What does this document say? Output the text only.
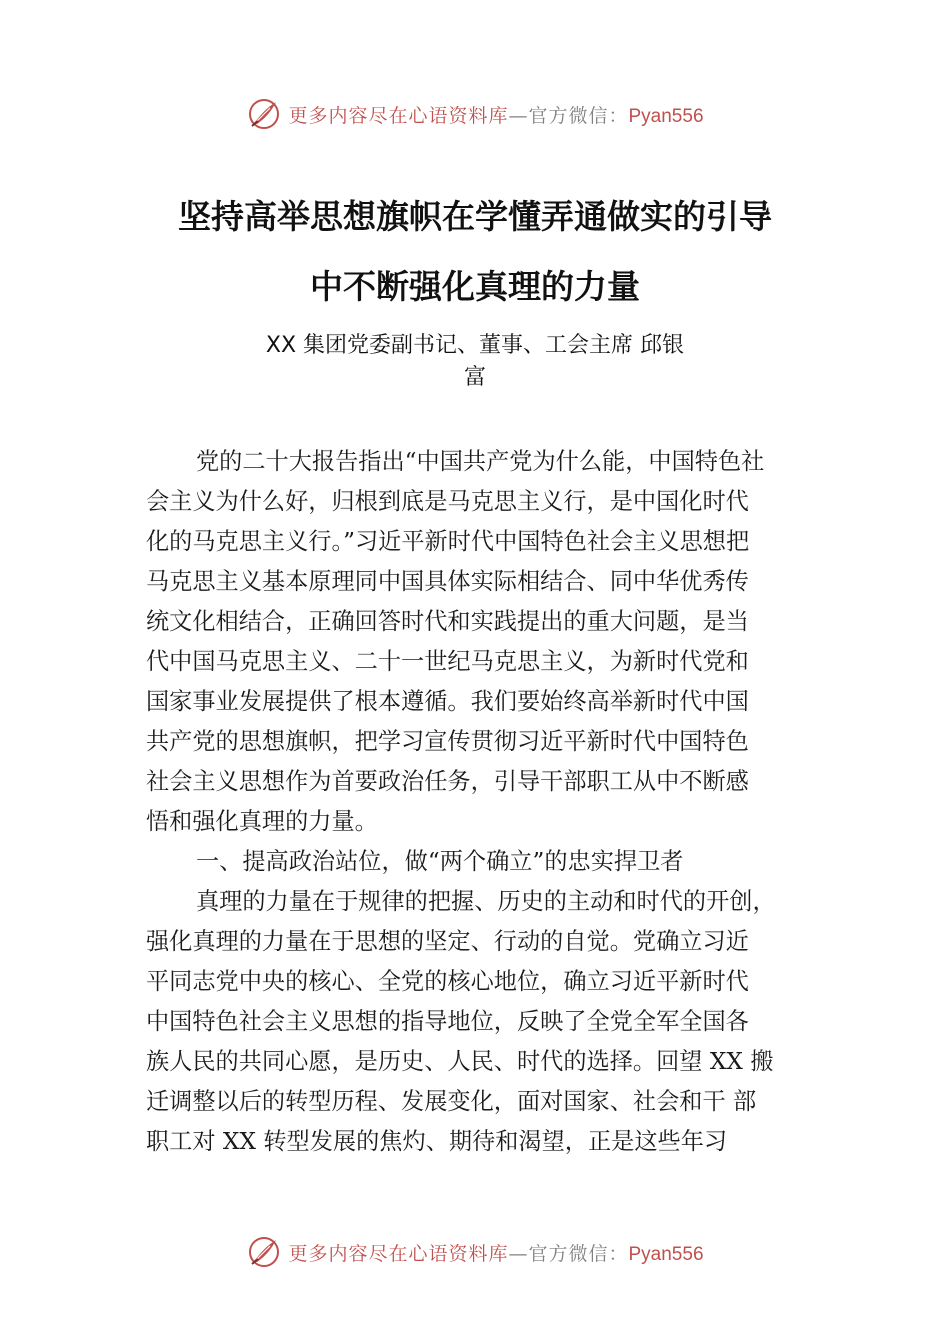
更多内容尽在心语资料库—官方微信：Pyan556
坚持高举思想旗帜在学懂弄通做实的引导
中不断强化真理的力量
XX 集团党委副书记、董事、工会主席 邱银
富
党的二十大报告指出“中国共产党为什么能，中国特色社
会主义为什么好，归根到底是马克思主义行，是中国化时代
化的马克思主义行。”习近平新时代中国特色社会主义思想把
马克思主义基本原理同中国具体实际相结合、同中华优秀传
统文化相结合，正确回答时代和实践提出的重大问题，是当
代中国马克思主义、二十一世纪马克思主义，为新时代党和
国家事业发展提供了根本遵循。我们要始终高举新时代中国
共产党的思想旗帜，把学习宣传贯彻习近平新时代中国特色
社会主义思想作为首要政治任务，引导干部职工从中不断感
悟和强化真理的力量。
一、提高政治站位，做“两个确立”的忠实捍卫者
真理的力量在于规律的把握、历史的主动和时代的开创，
强化真理的力量在于思想的坚定、行动的自觉。党确立习近
平同志党中央的核心、全党的核心地位，确立习近平新时代
中国特色社会主义思想的指导地位，反映了全党全军全国各
族人民的共同心愿，是历史、人民、时代的选择。回望 XX 搬
迁调整以后的转型历程、发展变化，面对国家、社会和干 部
职工对 XX 转型发展的焦灼、期待和渴望，正是这些年习
更多内容尽在心语资料库—官方微信：Pyan556
